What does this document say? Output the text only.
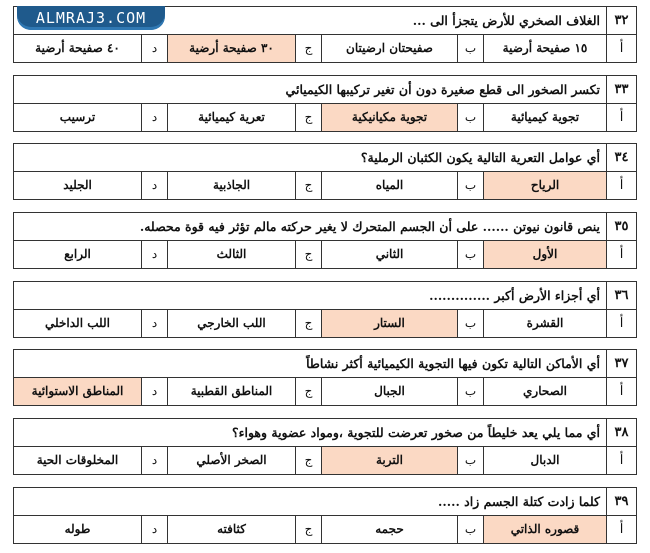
٣٢
الغلاف الصخري للأرض يتجزأ الى ...
أ
١٥ صفيحة أرضية
ب
صفيحتان ارضيتان
ج
٣٠ صفيحة أرضية
د
٤٠ صفيحة أرضية
٣٣
تكسر الصخور الى قطع صغيرة دون أن تغير تركيبها الكيميائي
أ
تجوية كيميائية
ب
تجوية مكيانيكية
ج
تعرية كيميائية
د
ترسيب
٣٤
أي عوامل التعرية التالية يكون الكثبان الرملية؟
أ
الرياح
ب
المياه
ج
الجاذبية
د
الجليد
٣٥
ينص قانون نيوتن ...... على أن الجسم المتحرك لا يغير حركته مالم تؤثر فيه قوة محصله.
أ
الأول
ب
الثاني
ج
الثالث
د
الرابع
٣٦
أي أجزاء الأرض أكبر ..............
أ
القشرة
ب
الستار
ج
اللب الخارجي
د
اللب الداخلي
٣٧
أي الأماكن التالية تكون فيها التجوية الكيميائية أكثر نشاطاً
أ
الصحاري
ب
الجبال
ج
المناطق القطبية
د
المناطق الاستوائية
٣٨
أي مما يلي يعد خليطاً من صخور تعرضت للتجوية ،ومواد عضوية وهواء؟
أ
الدبال
ب
التربة
ج
الصخر الأصلي
د
المخلوقات الحية
٣٩
كلما زادت كتلة الجسم زاد .....
أ
قصوره الذاتي
ب
حجمه
ج
كثافته
د
طوله
ALMRAJ3.COM
